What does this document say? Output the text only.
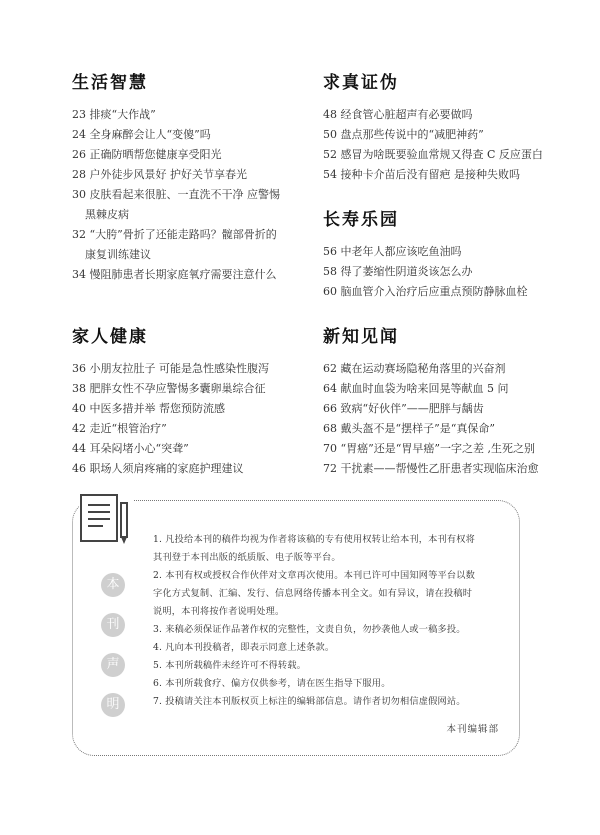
生活智慧
23 排痰“大作战”
24 全身麻醉会让人“变傻”吗
26 正确防晒帮您健康享受阳光
28 户外徒步风景好 护好关节享春光
30 皮肤看起来很脏、一直洗不干净 应警惕
黑棘皮病
32 “大胯”骨折了还能走路吗？髋部骨折的
康复训练建议
34 慢阻肺患者长期家庭氧疗需要注意什么
求真证伪
48 经食管心脏超声有必要做吗
50 盘点那些传说中的“减肥神药”
52 感冒为啥既要验血常规又得查 C 反应蛋白
54 接种卡介苗后没有留疤 是接种失败吗
长寿乐园
56 中老年人都应该吃鱼油吗
58 得了萎缩性阴道炎该怎么办
60 脑血管介入治疗后应重点预防静脉血栓
家人健康
36 小朋友拉肚子 可能是急性感染性腹泻
38 肥胖女性不孕应警惕多囊卵巢综合征
40 中医多措并举 帮您预防流感
42 走近“根管治疗”
44 耳朵闷堵小心“突聋”
46 职场人须肩疼痛的家庭护理建议
新知见闻
62 藏在运动赛场隐秘角落里的兴奋剂
64 献血时血袋为啥来回晃等献血 5 问
66 致病“好伙伴”——肥胖与龋齿
68 戴头盔不是“摆样子”是“真保命”
70 “胃癌”还是“胃早癌”一字之差 ,生死之别
72 干扰素——帮慢性乙肝患者实现临床治愈
本
刊
声
明

1. 凡投给本刊的稿件均视为作者将该稿的专有使用权转让给本刊，本刊有权将

其刊登于本刊出版的纸质版、电子版等平台。

2. 本刊有权或授权合作伙伴对文章再次使用。本刊已许可中国知网等平台以数

字化方式复制、汇编、发行、信息网络传播本刊全文。如有异议，请在投稿时

说明，本刊将按作者说明处理。

3. 来稿必须保证作品著作权的完整性，文责自负，勿抄袭他人或一稿多投。

4. 凡向本刊投稿者，即表示同意上述条款。

5. 本刊所载稿件未经许可不得转载。

6. 本刊所载食疗、偏方仅供参考，请在医生指导下服用。

7. 投稿请关注本刊版权页上标注的编辑部信息。请作者切勿相信虚假网站。

本刊编辑部
